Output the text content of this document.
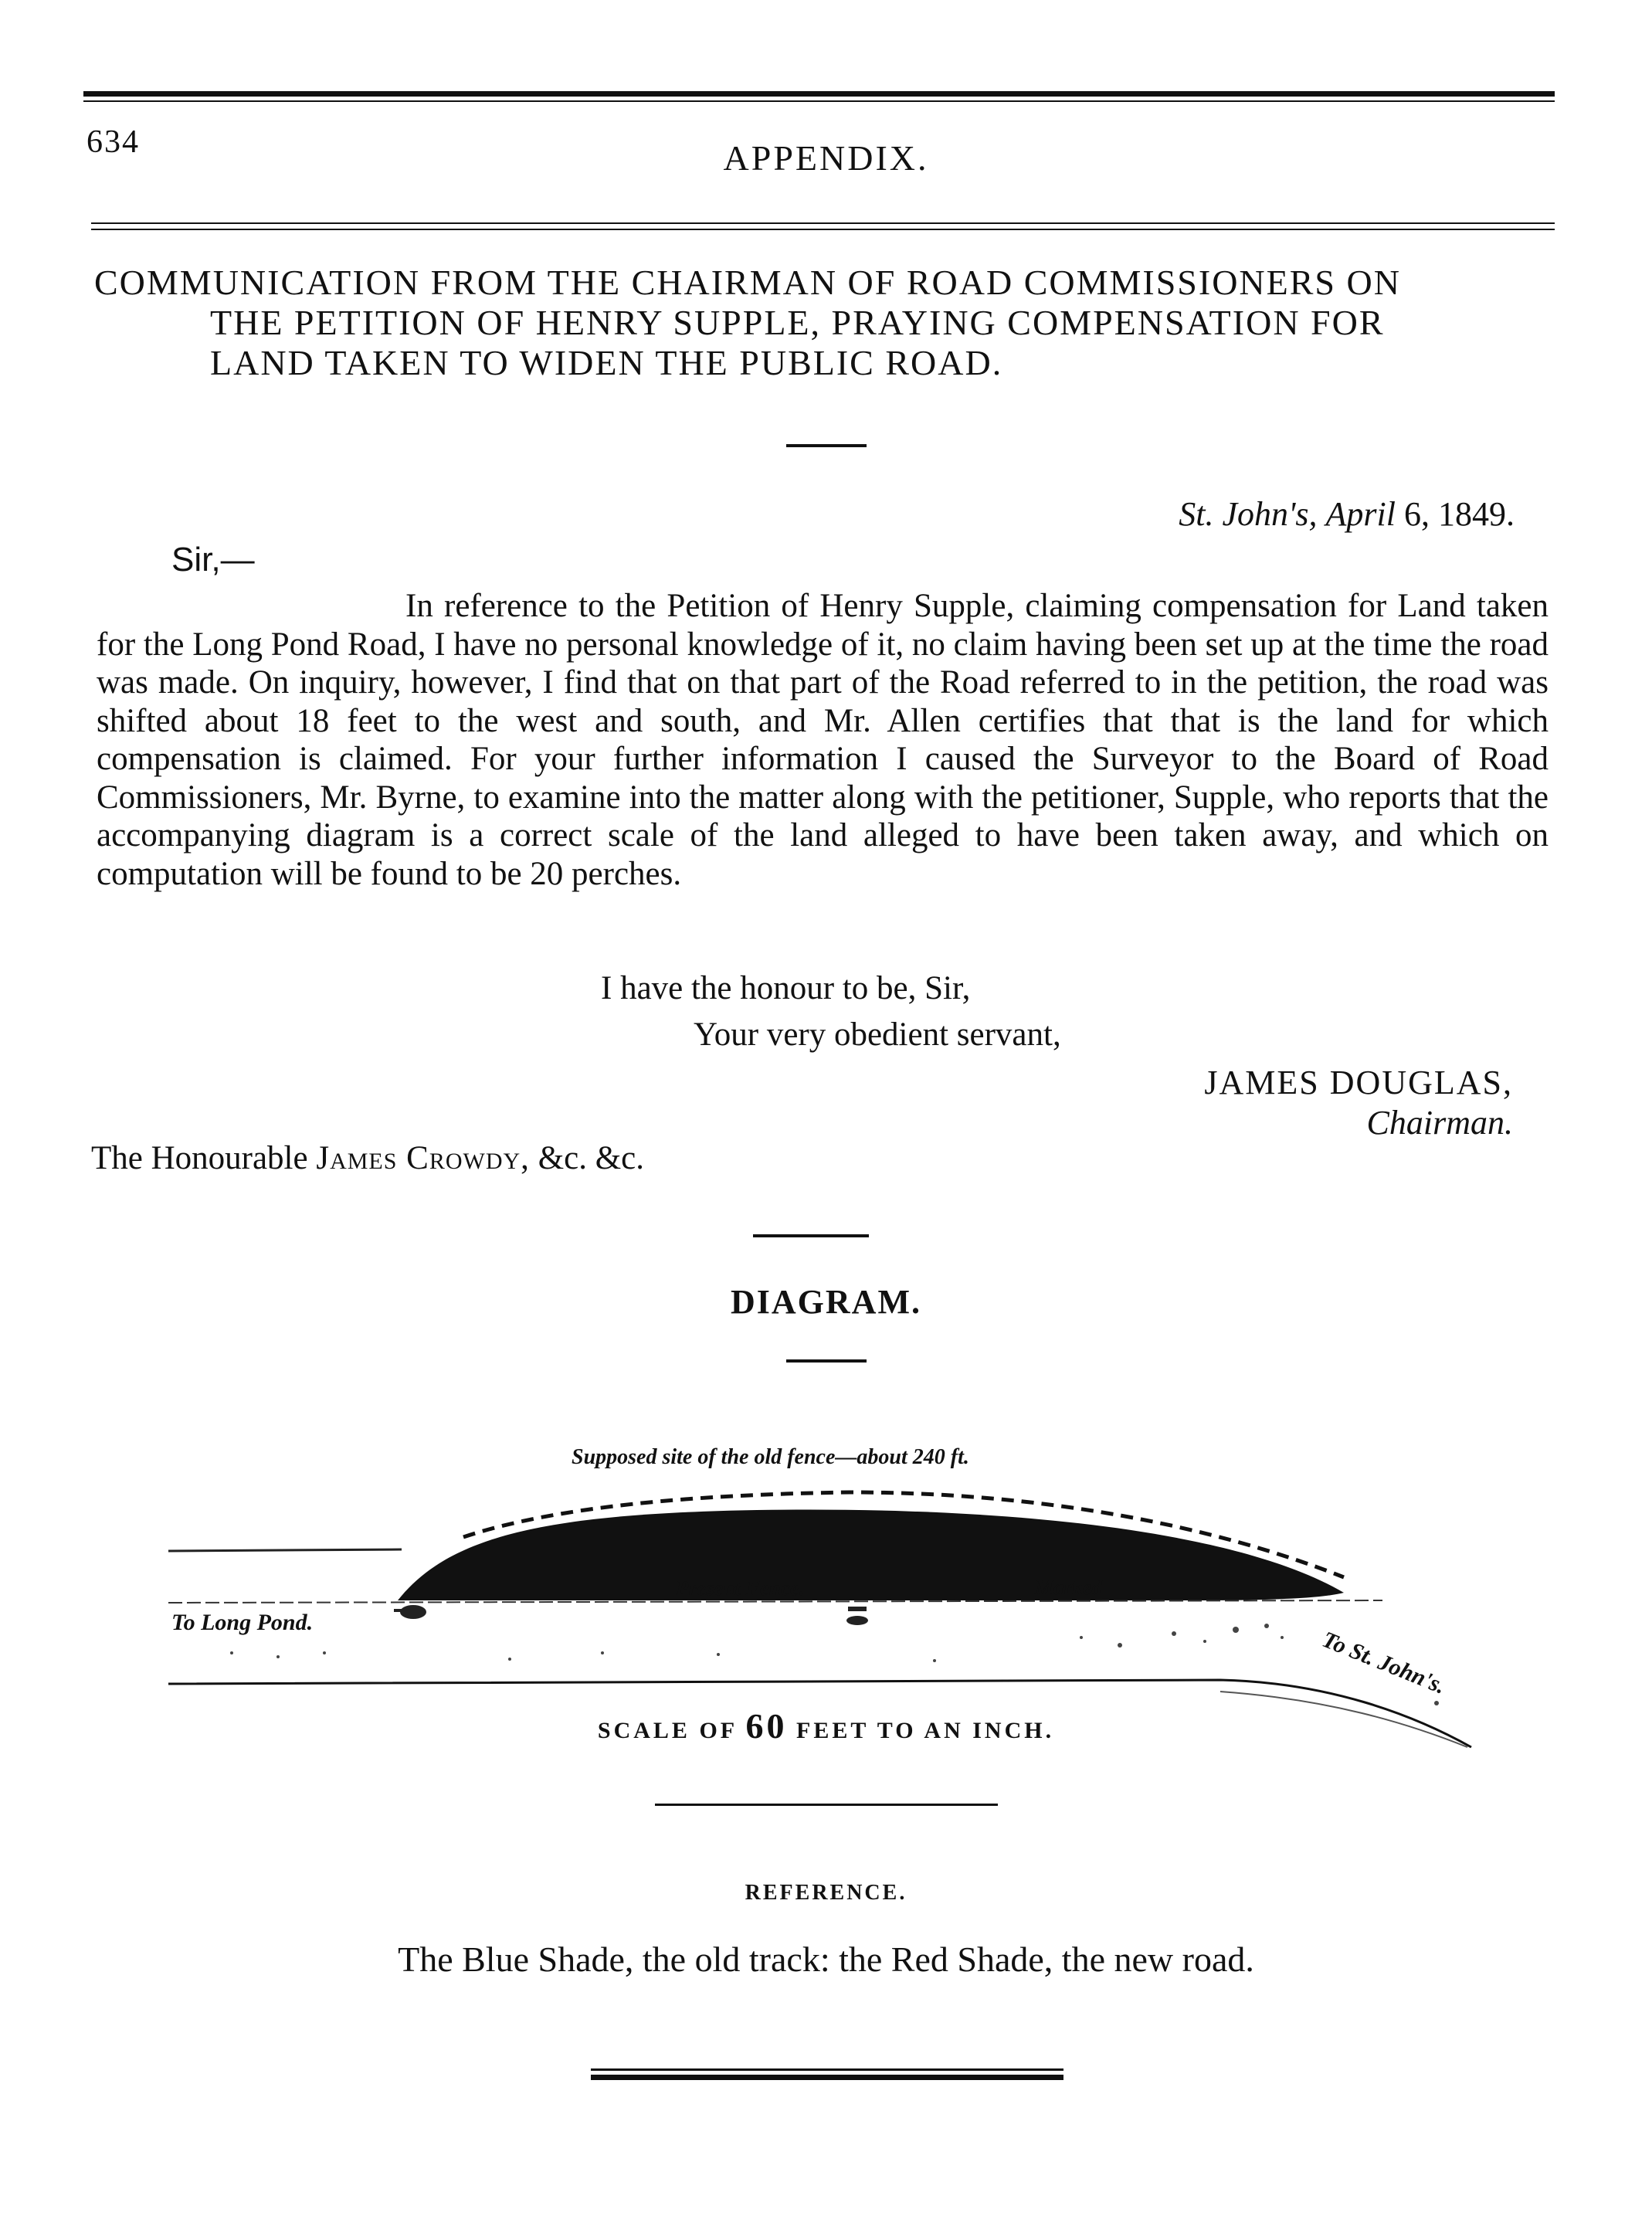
634	APPENDIX.
COMMUNICATION FROM THE CHAIRMAN OF ROAD COMMISSIONERS ON
THE PETITION OF HENRY SUPPLE, PRAYING COMPENSATION FOR
LAND TAKEN TO WIDEN THE PUBLIC ROAD.
St. John's, April 6, 1849.
Sir,—

In reference to the Petition of Henry Supple, claiming compensation for Land taken for the Long Pond Road, I have no personal knowledge of it, no claim having been set up at the time the road was made. On inquiry, however, I find that on that part of the Road referred to in the petition, the road was shifted about 18 feet to the west and south, and Mr. Allen certifies that that is the land for which compensation is claimed. For your further information I caused the Surveyor to the Board of Road Commissioners, Mr. Byrne, to examine into the matter along with the petitioner, Supple, who reports that the accompanying diagram is a correct scale of the land alleged to have been taken away, and which on computation will be found to be 20 perches.

I have the honour to be, Sir,
Your very obedient servant,
JAMES DOUGLAS,
Chairman.
The Honourable James Crowdy, &c. &c.
DIAGRAM.
Supposed site of the old fence—about 240 ft.
Present Fence.	Marked
To Long Pond.
To St. John's.
SCALE OF 60 FEET TO AN INCH.
REFERENCE.
The Blue Shade, the old track: the Red Shade, the new road.
